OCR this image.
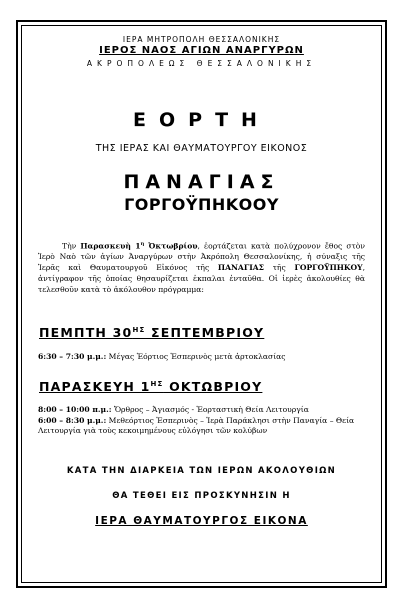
ΙΕΡΑ ΜΗΤΡΟΠΟΛΗ ΘΕΣΣΑΛΟΝΙΚΗΣ
ΙΕΡΟΣ ΝΑΟΣ ΑΓΙΩΝ ΑΝΑΡΓΥΡΩΝ
ΑΚΡΟΠΟΛΕΩΣ ΘΕΣΣΑΛΟΝΙΚΗΣ
ΕΟΡΤΗ
ΤΗΣ ΙΕΡΑΣ ΚΑΙ ΘΑΥΜΑΤΟΥΡΓΟΥ ΕΙΚΟΝΟΣ
ΠΑΝΑΓΙΑΣ
ΓΟΡΓΟΫΠΗΚΟΟΥ
Τὴν Παρασκευὴ $1^\eta$ Ὀκτωβρίου, ἑορτάζεται κατὰ πολύχρονον ἔθος στὸν Ἱερὸ Ναὸ τῶν ἁγίων Ἀναργύρων στὴν Ἀκρόπολη Θεσσαλονίκης, ἡ σύναξις τῆς Ἱερᾶς καὶ Θαυματουργοῦ Εἰκόνος τῆς ΠΑΝΑΓΙΑΣ τῆς ΓΟΡΓΟΫΠΗΚΟΥ, ἀντίγραφον τῆς ὁποίας θησαυρίζεται ἐκπαλαι ἐνταῦθα. Οἱ ἱερὲς ἀκολουθίες θὰ τελεσθοῦν κατὰ τὸ ἀκόλουθον πρόγραμμα:
ΠΕΜΠΤΗ $30^{H\Sigma}$ ΣΕΠΤΕΜΒΡΙΟΥ
6:30 – 7:30 μ.μ.: Μέγας Ἑόρτιος Ἑσπερινὸς μετὰ ἀρτοκλασίας
ΠΑΡΑΣΚΕΥΗ $1^{H\Sigma}$ ΟΚΤΩΒΡΙΟΥ
8:00 – 10:00 π.μ.: Ὄρθρος – Ἁγιασμός - Ἑορταστικὴ Θεία Λειτουργία
6:00 – 8:30 μ.μ.: Μεθεόρτιος Ἑσπερινὸς – Ἱερὰ Παράκλησι στὴν Παναγία – Θεία Λειτουργία γιὰ τοὺς κεκοιμημένους εὐλόγησι τῶν κολύβων
ΚΑΤΑ ΤΗΝ ΔΙΑΡΚΕΙΑ ΤΩΝ ΙΕΡΩΝ ΑΚΟΛΟΥΘΙΩΝ
ΘΑ ΤΕΘΕΙ ΕΙΣ ΠΡΟΣΚΥΝΗΣΙΝ Η
ΙΕΡΑ ΘΑΥΜΑΤΟΥΡΓΟΣ ΕΙΚΟΝΑ
